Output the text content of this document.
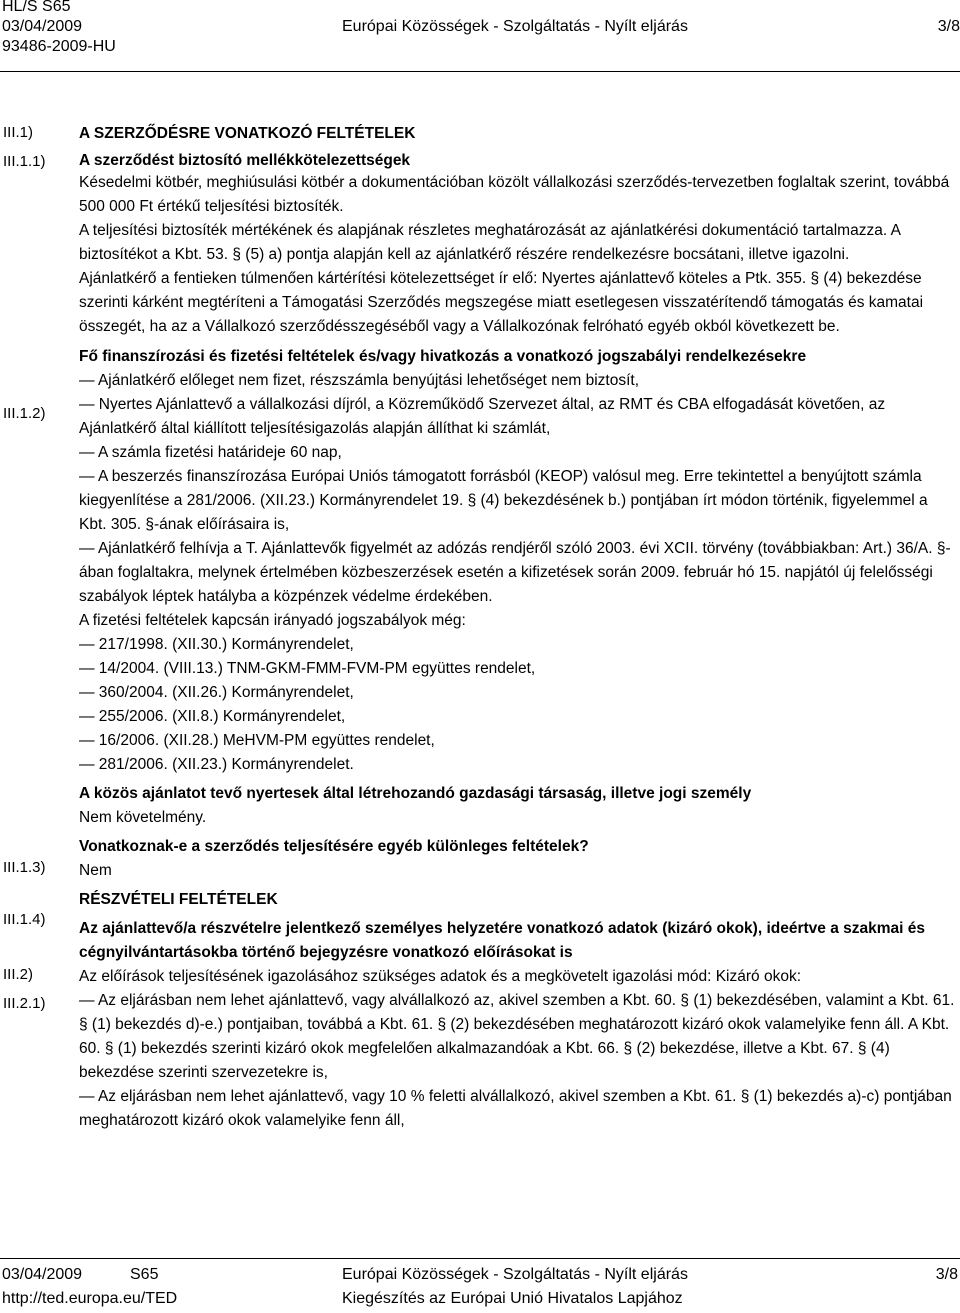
HL/S S65
03/04/2009	Európai Közösségek - Szolgáltatás - Nyílt eljárás	3/8
93486-2009-HU
III.1)
III.1.1)
III.1.2)
III.1.3)
III.1.4)
III.2)
III.2.1)

A SZERZŐDÉSRE VONATKOZÓ FELTÉTELEK

A szerződést biztosító mellékkötelezettségek

Késedelmi kötbér, meghiúsulási kötbér a dokumentációban közölt vállalkozási szerződés-tervezetben foglaltak szerint, továbbá 500 000 Ft értékű teljesítési biztosíték.

A teljesítési biztosíték mértékének és alapjának részletes meghatározását az ajánlatkérési dokumentáció tartalmazza. A biztosítékot a Kbt. 53. § (5) a) pontja alapján kell az ajánlatkérő részére rendelkezésre bocsátani, illetve igazolni.

Ajánlatkérő a fentieken túlmenően kártérítési kötelezettséget ír elő: Nyertes ajánlattevő köteles a Ptk. 355. § (4) bekezdése szerinti kárként megtéríteni a Támogatási Szerződés megszegése miatt esetlegesen visszatérítendő támogatás és kamatai összegét, ha az a Vállalkozó szerződésszegéséből vagy a Vállalkozónak felróható egyéb okból következett be.

Fő finanszírozási és fizetési feltételek és/vagy hivatkozás a vonatkozó jogszabályi rendelkezésekre

— Ajánlatkérő előleget nem fizet, részszámla benyújtási lehetőséget nem biztosít,

— Nyertes Ajánlattevő a vállalkozási díjról, a Közreműködő Szervezet által, az RMT és CBA elfogadását követően, az Ajánlatkérő által kiállított teljesítésigazolás alapján állíthat ki számlát,

— A számla fizetési határideje 60 nap,

— A beszerzés finanszírozása Európai Uniós támogatott forrásból (KEOP) valósul meg. Erre tekintettel a benyújtott számla kiegyenlítése a 281/2006. (XII.23.) Kormányrendelet 19. § (4) bekezdésének b.) pontjában írt módon történik, figyelemmel a Kbt. 305. §-ának előírásaira is,

— Ajánlatkérő felhívja a T. Ajánlattevők figyelmét az adózás rendjéről szóló 2003. évi XCII. törvény (továbbiakban: Art.) 36/A. §-ában foglaltakra, melynek értelmében közbeszerzések esetén a kifizetések során 2009. február hó 15. napjától új felelősségi szabályok léptek hatályba a közpénzek védelme érdekében.

A fizetési feltételek kapcsán irányadó jogszabályok még:

— 217/1998. (XII.30.) Kormányrendelet,

— 14/2004. (VIII.13.) TNM-GKM-FMM-FVM-PM együttes rendelet,

— 360/2004. (XII.26.) Kormányrendelet,

— 255/2006. (XII.8.) Kormányrendelet,

— 16/2006. (XII.28.) MeHVM-PM együttes rendelet,

— 281/2006. (XII.23.) Kormányrendelet.

A közös ajánlatot tevő nyertesek által létrehozandó gazdasági társaság, illetve jogi személy

Nem követelmény.

Vonatkoznak-e a szerződés teljesítésére egyéb különleges feltételek?

Nem

RÉSZVÉTELI FELTÉTELEK

Az ajánlattevő/a részvételre jelentkező személyes helyzetére vonatkozó adatok (kizáró okok), ideértve a szakmai és cégnyilvántartásokba történő bejegyzésre vonatkozó előírásokat is

Az előírások teljesítésének igazolásához szükséges adatok és a megkövetelt igazolási mód: Kizáró okok:

— Az eljárásban nem lehet ajánlattevő, vagy alvállalkozó az, akivel szemben a Kbt. 60. § (1) bekezdésében, valamint a Kbt. 61. § (1) bekezdés d)-e.) pontjaiban, továbbá a Kbt. 61. § (2) bekezdésében meghatározott kizáró okok valamelyike fenn áll. A Kbt. 60. § (1) bekezdés szerinti kizáró okok megfelelően alkalmazandóak a Kbt. 66. § (2) bekezdése, illetve a Kbt. 67. § (4) bekezdése szerinti szervezetekre is,

— Az eljárásban nem lehet ajánlattevő, vagy 10 % feletti alvállalkozó, akivel szemben a Kbt. 61. § (1) bekezdés a)-c) pontjában meghatározott kizáró okok valamelyike fenn áll,

03/04/2009	S65	Európai Közösségek - Szolgáltatás - Nyílt eljárás	3/8
http://ted.europa.eu/TED	Kiegészítés az Európai Unió Hivatalos Lapjához
